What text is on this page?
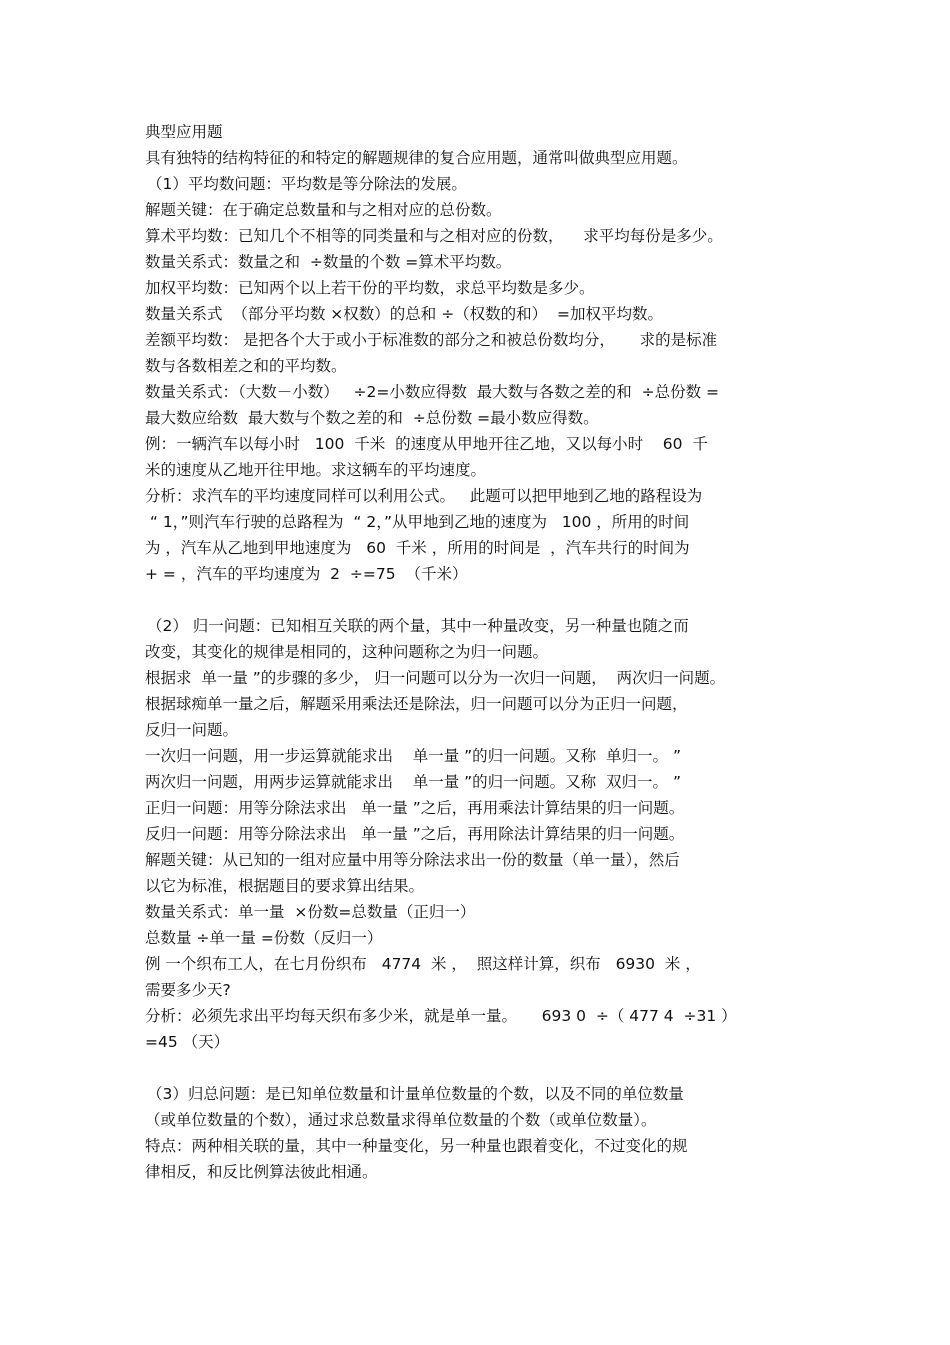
典型应用题
具有独特的结构特征的和特定的解题规律的复合应用题，通常叫做典型应用题。
（1）平均数问题：平均数是等分除法的发展。
解题关键：在于确定总数量和与之相对应的总份数。
算术平均数：已知几个不相等的同类量和与之相对应的份数，    求平均每份是多少。
数量关系式：数量之和  ÷数量的个数 =算术平均数。
加权平均数：已知两个以上若干份的平均数，求总平均数是多少。
数量关系式  （部分平均数 ×权数）的总和 ÷（权数的和）  =加权平均数。
差额平均数： 是把各个大于或小于标准数的部分之和被总份数均分，     求的是标准
数与各数相差之和的平均数。
数量关系式：（大数－小数）   ÷2=小数应得数  最大数与各数之差的和  ÷总份数 =
最大数应给数  最大数与个数之差的和  ÷总份数 =最小数应得数。
例：一辆汽车以每小时   100  千米  的速度从甲地开往乙地，又以每小时    60  千
米的速度从乙地开往甲地。求这辆车的平均速度。
分析：求汽车的平均速度同样可以利用公式。   此题可以把甲地到乙地的路程设为
“ 1，”则汽车行驶的总路程为  “ 2，”从甲地到乙地的速度为   100 ，所用的时间
为 ，汽车从乙地到甲地速度为   60  千米 ，所用的时间是  ，汽车共行的时间为
+ = ，汽车的平均速度为  2  ÷=75  （千米）
（2） 归一问题：已知相互关联的两个量，其中一种量改变，另一种量也随之而
改变，其变化的规律是相同的，这种问题称之为归一问题。
根据求  单一量 ”的步骤的多少， 归一问题可以分为一次归一问题，  两次归一问题。
根据球痴单一量之后，解题采用乘法还是除法，归一问题可以分为正归一问题，
反归一问题。
一次归一问题，用一步运算就能求出    单一量 ”的归一问题。又称  单归一。 ”
两次归一问题，用两步运算就能求出    单一量 ”的归一问题。又称  双归一。 ”
正归一问题：用等分除法求出   单一量 ”之后，再用乘法计算结果的归一问题。
反归一问题：用等分除法求出   单一量 ”之后，再用除法计算结果的归一问题。
解题关键：从已知的一组对应量中用等分除法求出一份的数量（单一量），然后
以它为标准，根据题目的要求算出结果。
数量关系式：单一量  ×份数=总数量（正归一）
总数量 ÷单一量 =份数（反归一）
例 一个织布工人，在七月份织布   4774  米 ，  照这样计算，织布   6930  米 ，
需要多少天?
分析：必须先求出平均每天织布多少米，就是单一量。     693 0  ÷（ 477 4  ÷31 ）
=45 （天）
（3）归总问题：是已知单位数量和计量单位数量的个数，以及不同的单位数量
（或单位数量的个数），通过求总数量求得单位数量的个数（或单位数量）。
特点：两种相关联的量，其中一种量变化，另一种量也跟着变化，不过变化的规
律相反，和反比例算法彼此相通。
